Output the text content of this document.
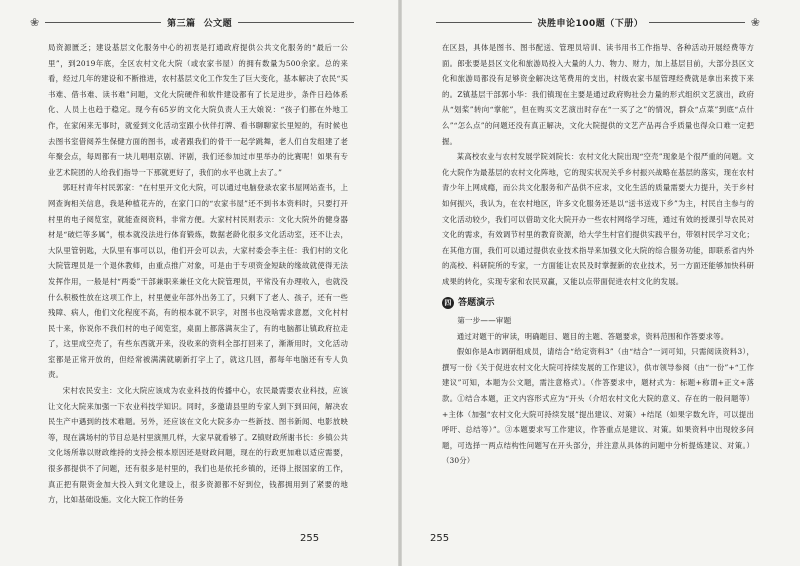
❀	第三篇 公文题

局资源匮乏；建设基层文化服务中心的初衷是打通政府提供公共文化服务的“最后一公里”，到2019年底，全区农村文化大院（或农家书屋）的拥有数量为500余家。总的来看，经过几年的建设和不断推进，农村基层文化工作发生了巨大变化，基本解决了农民“买书难、借书难、读书难”问题，文化大院硬件和软件建设都有了长足进步，条件日趋体系化、人员上也趋于稳定。现今有65岁的文化大院负责人王大娘说：“孩子们都在外地工作，在家闲来无事时，就爱到文化活动室跟小伙伴打牌、看书聊聊家长里短的，有时候也去图书室借阅养生保健方面的图书，或者跟我们的骨干一起学跳舞，老人们自发组建了老年聚会点，每周都有一块儿唱唱京剧、评剧，我们还参加过市里举办的比赛呢！如果有专业艺术院团的人给我们指导一下那就更好了，我们的水平也就上去了。”

郭旺村青年村民郭家：“在村里开文化大院，可以通过电脑登录农家书屋网站查书，上网查询相关信息，我是种植花卉的，在家门口的“农家书屋”还不到书本资料时，只要打开村里的电子阅览室，就能查阅资料，非常方便。大家村村民则表示：文化大院外的健身器材是“破烂等多属”，根本就没法进行体育锻炼，数据老龄化很多文化活动室，还不让去，大队里管钥匙，大队里有事可以以，他们开会可以去，大家村委会李主任：我们村的文化大院管理员是一个退休教师，由重点推广对象，可是由于专项资金短缺的缘故就使得无法发挥作用，一般是村“两委”干部兼职来兼任文化大院管理员，平常没有办理收入，也就没什么积极性放在这项工作上，村里便业年部外出务工了，只剩下了老人、孩子，还有一些残障、病人，他们文化程度不高，有的根本就不识字，对图书也没啥需求意愿，文化村村民十来，你说你不我们村的电子阅览室，桌面上都落满灰尘了，有的电脑都让镇政府拉走了，这里成空壳了，有些东西就开来，没收来的资料全部打回来了，渐渐用时，文化活动室都是正常开放的，但经常被满满就刷新打字上了，就这几回，都每年电脑还有专人负责。

宋村农民安主：文化大院应该成为农业科技的传播中心，农民最需要农业科技，应该让文化大院来加强一下农业科技学知识。同时，多邀请县里的专家人到下到田间，解决农民生产中遇到的技术难题。另外，还应该在文化大院多办一些新技、图书新闻、电影放映等，现在满场村的节目总是村里演黑几样，大家早就看够了。Z镇财政所谢书长：乡镇公共文化场所靠以财政维持的支持会根本原因还是财政问题，现在的行政更加难以适应需要，很多都提供不了问题，还有很多是村里的，我们也是依托乡镇的，还得上报国家的工作，真正把有限资金加大投入到文化建设上，很多资源都不好到位，钱都拥用到了紧要的地方，比如基础设施。文化大院工作的任务

255
决胜申论100题（下册）	❀

在区县，具体是图书、图书配送、管理员培训、读书用书工作指导、各种活动开展经费等方面。郎张要是县区文化和旅游局投入大量的人力、物力、财力，加上基层目前，大部分县区文化和旅游局都没有足够资金解决这笔费用的支出，村级农家书屋管理经费就是拿出来拨下来的。Z镇基层干部郭小华：我们镇现在主要是通过政府购社会力量的形式组织文艺演出，政府从“划桨”转向“掌舵”，但在购买文艺演出时存在“一买了之”的情况，群众“点菜”到底“点什么”“怎么点”的问题还没有真正解决，文化大院提供的文艺产品再合乎质量也得众口难一定把握。

某高校农业与农村发展学院刘院长：农村文化大院出现“空壳”现象是个很严重的问题。文化大院作为最基层的农村文化阵地，它的现实状况关乎乡村振兴战略在基层的落实，现在农村青少年上网成瘾，而公共文化服务和产品供不应求，文化生活的质量需要大力提升，关于乡村如何振兴，我认为，在农村地区，许多文化服务还是以“送书送戏下乡”为主，村民自主参与的文化活动较少，我们可以借助文化大院开办一些农村网络学习班，通过有效的授课引导农民对文化的需求，有效调节村里的教育资源，给大学生村官们提供实践平台，带领村民学习文化；在其他方面，我们可以通过提供农业技术指导来加强文化大院的综合服务功能，即联系省内外的高校、科研院所的专家，一方面能让农民及时掌握新的农业技术，另一方面还能够加快科研成果的转化，实现专家和农民双赢，又能以点带面促进农村文化的发展。

四 答题演示

第一步——审题

通过对题干的审读，明确题目、题目的主题、答题要求，资料范围和作答要求等。

假如你是A市调研组成员，请结合“给定资料3”（由“结合”一词可知，只需阅读资料3），撰写一份《关于促进农村文化大院可持续发展的工作建议》，供市领导参阅（由“一份”+“工作建议”可知，本题为公文题，需注意格式）。（作答要求中，题材式为：标题+称谓+正文+落款。①结合本题，正文内容形式应为“开头（介绍农村文化大院的意义、存在的一般问题等）+主体（加强“农村文化大院可持续发展”提出建议、对策）+结尾（如果字数允许，可以提出呼吁、总结等）”。③本题要求写工作建议，作答重点是建议、对策。如果资料中出现较多问题，可选择一两点结构性问题写在开头部分，并注意从具体的问题中分析提炼建议、对策。）（30分）

255
